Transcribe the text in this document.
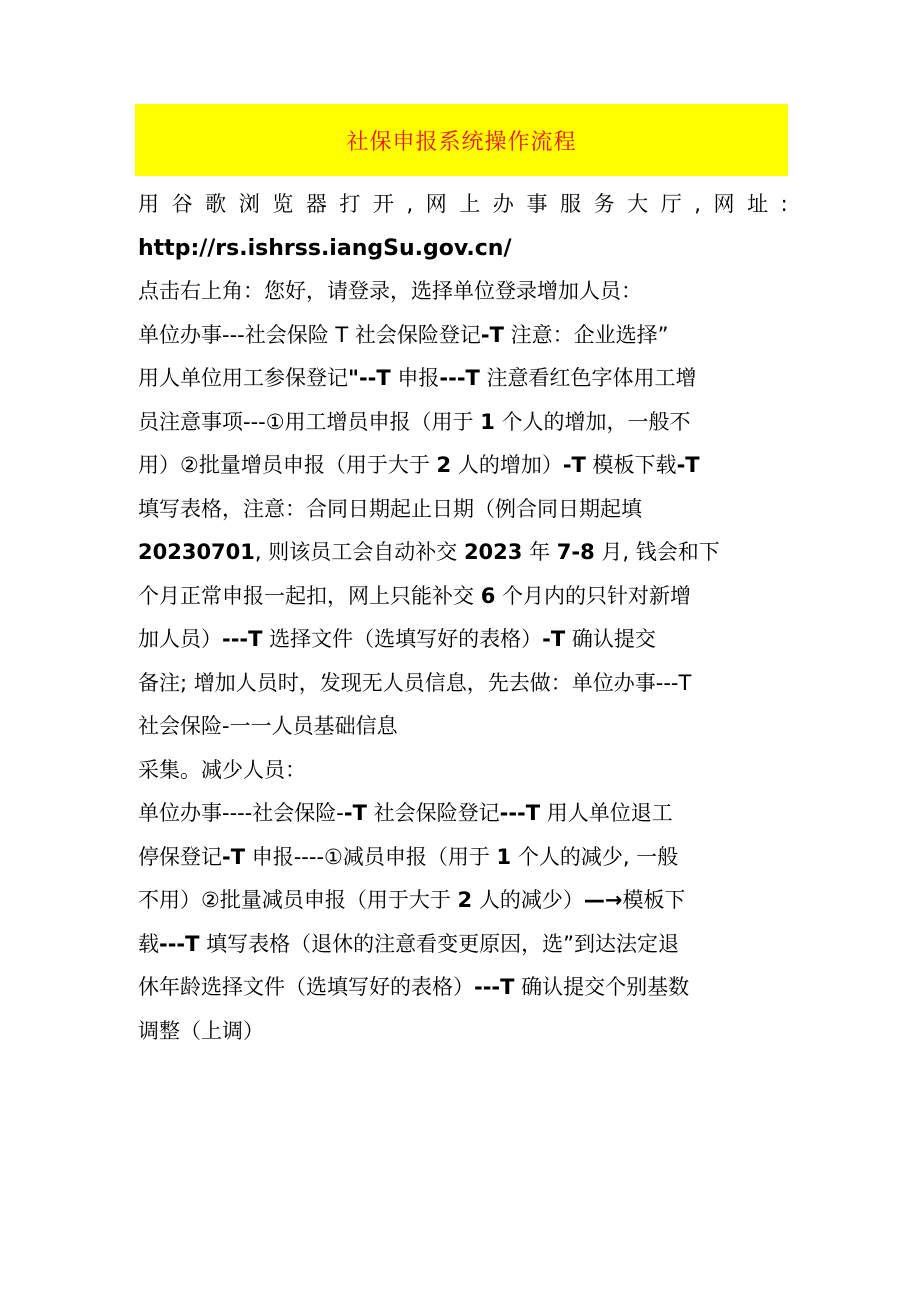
社保申报系统操作流程
用 谷 歌 浏 览 器 打 开 , 网 上 办 事 服 务 大 厅 , 网 址 :
http://rs.ishrss.iangSu.gov.cn/
点击右上角：您好，请登录，选择单位登录增加人员：
单位办事---社会保险 T 社会保险登记-T 注意：企业选择”
用人单位用工参保登记"--T 申报---T 注意看红色字体用工增
员注意事项---①用工增员申报（用于 1 个人的增加，一般不
用）②批量增员申报（用于大于 2 人的增加）-T 模板下载-T
填写表格，注意：合同日期起止日期（例合同日期起填
20230701, 则该员工会自动补交 2023 年 7-8 月, 钱会和下
个月正常申报一起扣，网上只能补交 6 个月内的只针对新增
加人员）---T 选择文件（选填写好的表格）-T 确认提交
备注; 增加人员时，发现无人员信息，先去做：单位办事---T
社会保险-一一人员基础信息
采集。减少人员：
单位办事----社会保险--T 社会保险登记---T 用人单位退工
停保登记-T 申报----①减员申报（用于 1 个人的减少, 一般
不用）②批量减员申报（用于大于 2 人的减少）—→模板下
载---T 填写表格（退休的注意看变更原因，选”到达法定退
休年龄选择文件（选填写好的表格）---T 确认提交个别基数
调整（上调）
